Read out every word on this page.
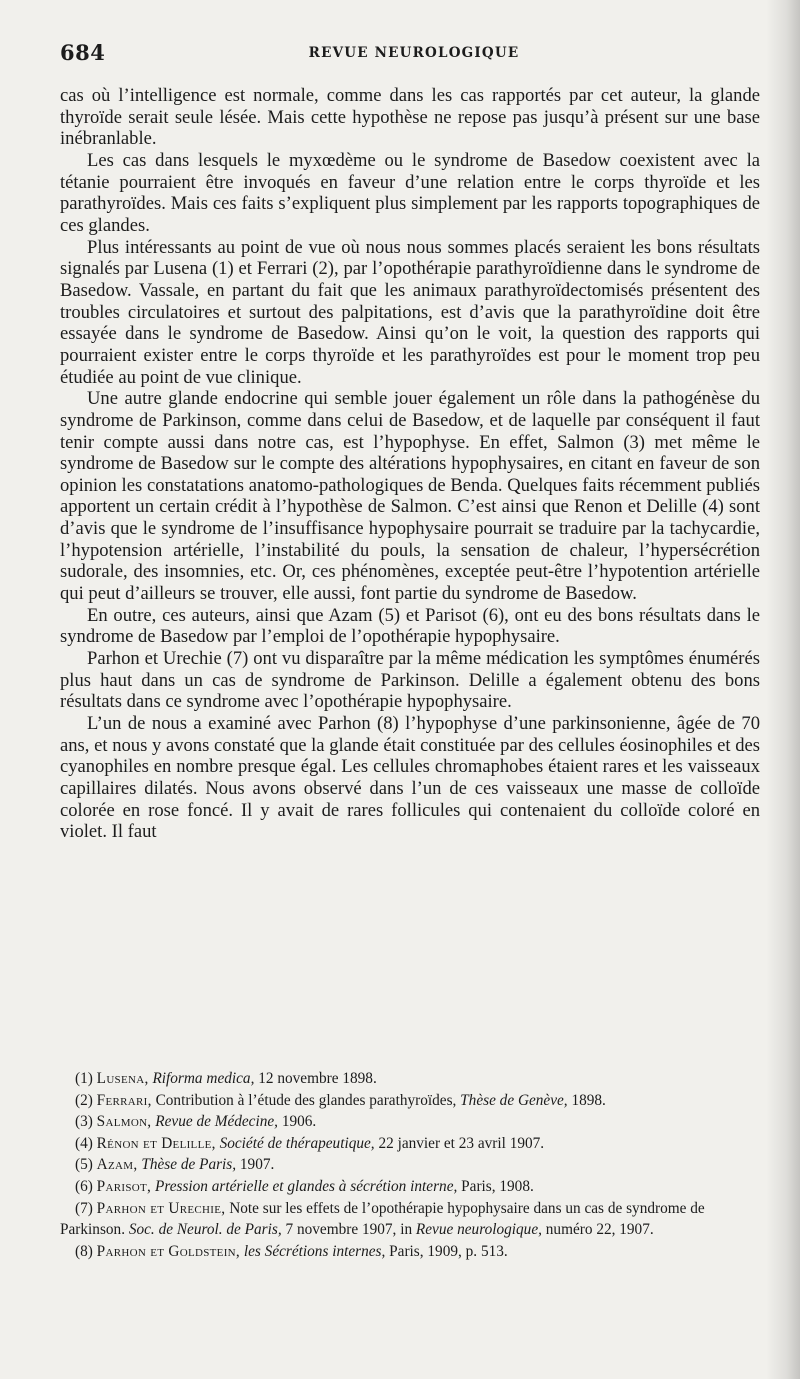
684	REVUE NEUROLOGIQUE

cas où l’intelligence est normale, comme dans les cas rapportés par cet auteur, la glande thyroïde serait seule lésée. Mais cette hypothèse ne repose pas jusqu’à présent sur une base inébranlable.

Les cas dans lesquels le myxœdème ou le syndrome de Basedow coexistent avec la tétanie pourraient être invoqués en faveur d’une relation entre le corps thyroïde et les parathyroïdes. Mais ces faits s’expliquent plus simplement par les rapports topographiques de ces glandes.

Plus intéressants au point de vue où nous nous sommes placés seraient les bons résultats signalés par Lusena (1) et Ferrari (2), par l’opothérapie parathyroïdienne dans le syndrome de Basedow. Vassale, en partant du fait que les animaux parathyroïdectomisés présentent des troubles circulatoires et surtout des palpitations, est d’avis que la parathyroïdine doit être essayée dans le syndrome de Basedow. Ainsi qu’on le voit, la question des rapports qui pourraient exister entre le corps thyroïde et les parathyroïdes est pour le moment trop peu étudiée au point de vue clinique.

Une autre glande endocrine qui semble jouer également un rôle dans la pathogénèse du syndrome de Parkinson, comme dans celui de Basedow, et de laquelle par conséquent il faut tenir compte aussi dans notre cas, est l’hypophyse. En effet, Salmon (3) met même le syndrome de Basedow sur le compte des altérations hypophysaires, en citant en faveur de son opinion les constatations anatomo-pathologiques de Benda. Quelques faits récemment publiés apportent un certain crédit à l’hypothèse de Salmon. C’est ainsi que Renon et Delille (4) sont d’avis que le syndrome de l’insuffisance hypophysaire pourrait se traduire par la tachycardie, l’hypotension artérielle, l’instabilité du pouls, la sensation de chaleur, l’hypersécrétion sudorale, des insomnies, etc. Or, ces phénomènes, exceptée peut-être l’hypotention artérielle qui peut d’ailleurs se trouver, elle aussi, font partie du syndrome de Basedow.

En outre, ces auteurs, ainsi que Azam (5) et Parisot (6), ont eu des bons résultats dans le syndrome de Basedow par l’emploi de l’opothérapie hypophysaire.

Parhon et Urechie (7) ont vu disparaître par la même médication les symptômes énumérés plus haut dans un cas de syndrome de Parkinson. Delille a également obtenu des bons résultats dans ce syndrome avec l’opothérapie hypophysaire.

L’un de nous a examiné avec Parhon (8) l’hypophyse d’une parkinsonienne, âgée de 70 ans, et nous y avons constaté que la glande était constituée par des cellules éosinophiles et des cyanophiles en nombre presque égal. Les cellules chromaphobes étaient rares et les vaisseaux capillaires dilatés. Nous avons observé dans l’un de ces vaisseaux une masse de colloïde colorée en rose foncé. Il y avait de rares follicules qui contenaient du colloïde coloré en violet. Il faut

(1) Lusena, Riforma medica, 12 novembre 1898.

(2) Ferrari, Contribution à l’étude des glandes parathyroïdes, Thèse de Genève, 1898.

(3) Salmon, Revue de Médecine, 1906.

(4) Rénon et Delille, Société de thérapeutique, 22 janvier et 23 avril 1907.

(5) Azam, Thèse de Paris, 1907.

(6) Parisot, Pression artérielle et glandes à sécrétion interne, Paris, 1908.

(7) Parhon et Urechie, Note sur les effets de l’opothérapie hypophysaire dans un cas de syndrome de Parkinson. Soc. de Neurol. de Paris, 7 novembre 1907, in Revue neurologique, numéro 22, 1907.

(8) Parhon et Goldstein, les Sécrétions internes, Paris, 1909, p. 513.
